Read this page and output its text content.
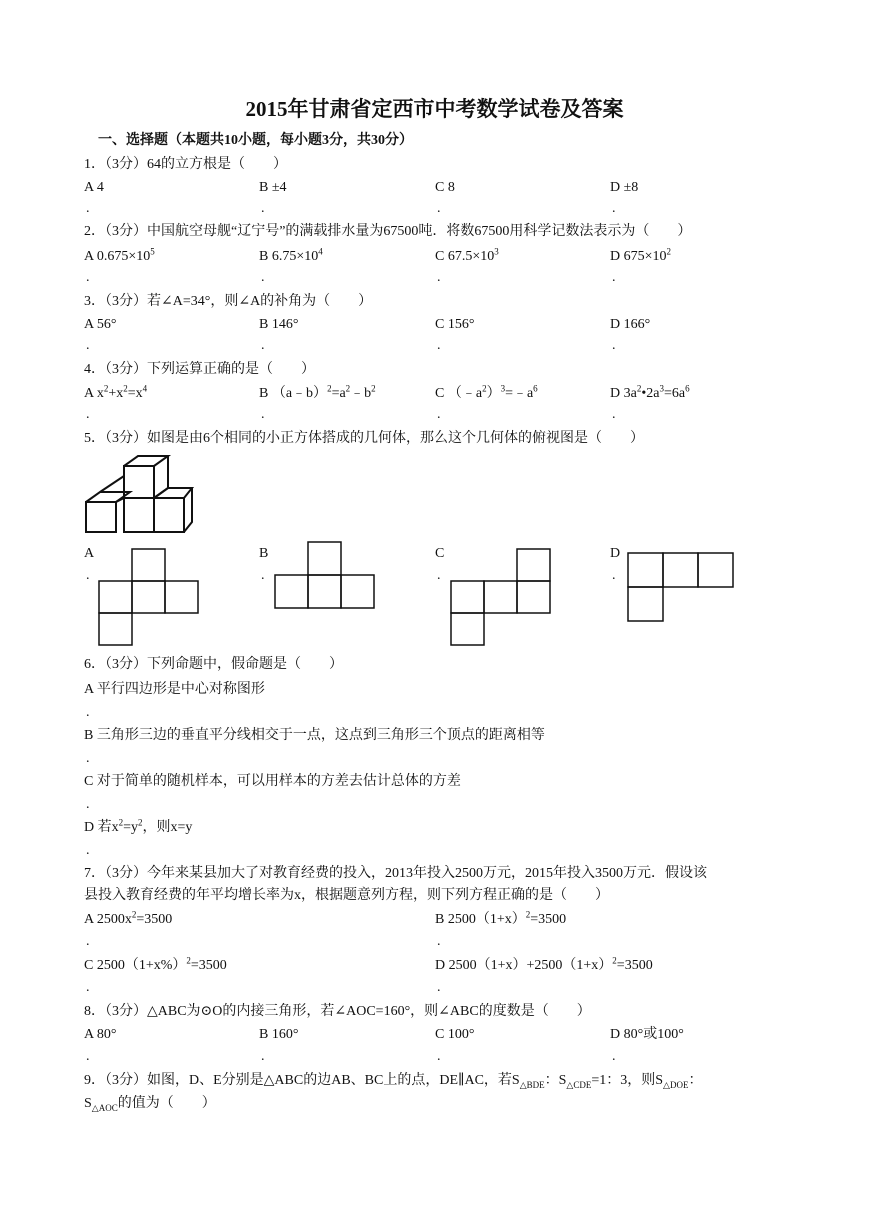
2015年甘肃省定西市中考数学试卷及答案
一、选择题（本题共10小题，每小题3分，共30分）
1．（3分）64的立方根是（　　）
A 4	B ±4	C 8	D ±8
.	.	.	.
2．（3分）中国航空母舰“辽宁号”的满载排水量为67500吨．将数67500用科学记数法表示为（　　）
A $0.675\times 10^5$	B $6.75\times 10^4$	C $67.5\times 10^3$	D $675\times 10^2$
.	.	.	.
3．（3分）若∠A=34°，则∠A的补角为（　　）
A 56°	B 146°	C 156°	D 166°
.	.	.	.
4．（3分）下列运算正确的是（　　）
A $x^2+x^2=x^4$	B $(a﹣b)^2=a^2﹣b^2$	C $(﹣a^2)^3=﹣a^6$	D $3a^2•2a^3=6a^6$
.	.	.	.
5．（3分）如图是由6个相同的小正方体搭成的几何体，那么这个几何体的俯视图是（　　）
A	B	C	D
.	.	.	.
6．（3分）下列命题中，假命题是（　　）
A 平行四边形是中心对称图形
.
B 三角形三边的垂直平分线相交于一点，这点到三角形三个顶点的距离相等
.
C 对于简单的随机样本，可以用样本的方差去估计总体的方差
.
D 若$x^2=y^2$，则x=y
.
7．（3分）今年来某县加大了对教育经费的投入，2013年投入2500万元，2015年投入3500万元．假设该
县投入教育经费的年平均增长率为x，根据题意列方程，则下列方程正确的是（　　）
A $2500x^2=3500$	B $2500(1+x)^2=3500$
.	.
C $2500(1+x\%)^2=3500$	D $2500(1+x)+2500(1+x)^2=3500$
.	.
8．（3分）△ABC为⊙O的内接三角形，若∠AOC=160°，则∠ABC的度数是（　　）
A 80°	B 160°	C 100°	D 80°或100°
.	.	.	.
9．（3分）如图，D、E分别是△ABC的边AB、BC上的点，DE∥AC，若$S_{\triangle BDE}$：$S_{\triangle CDE}=1$：3，则$S_{\triangle DOE}$：
$S_{\triangle AOC}$的值为（　　）
